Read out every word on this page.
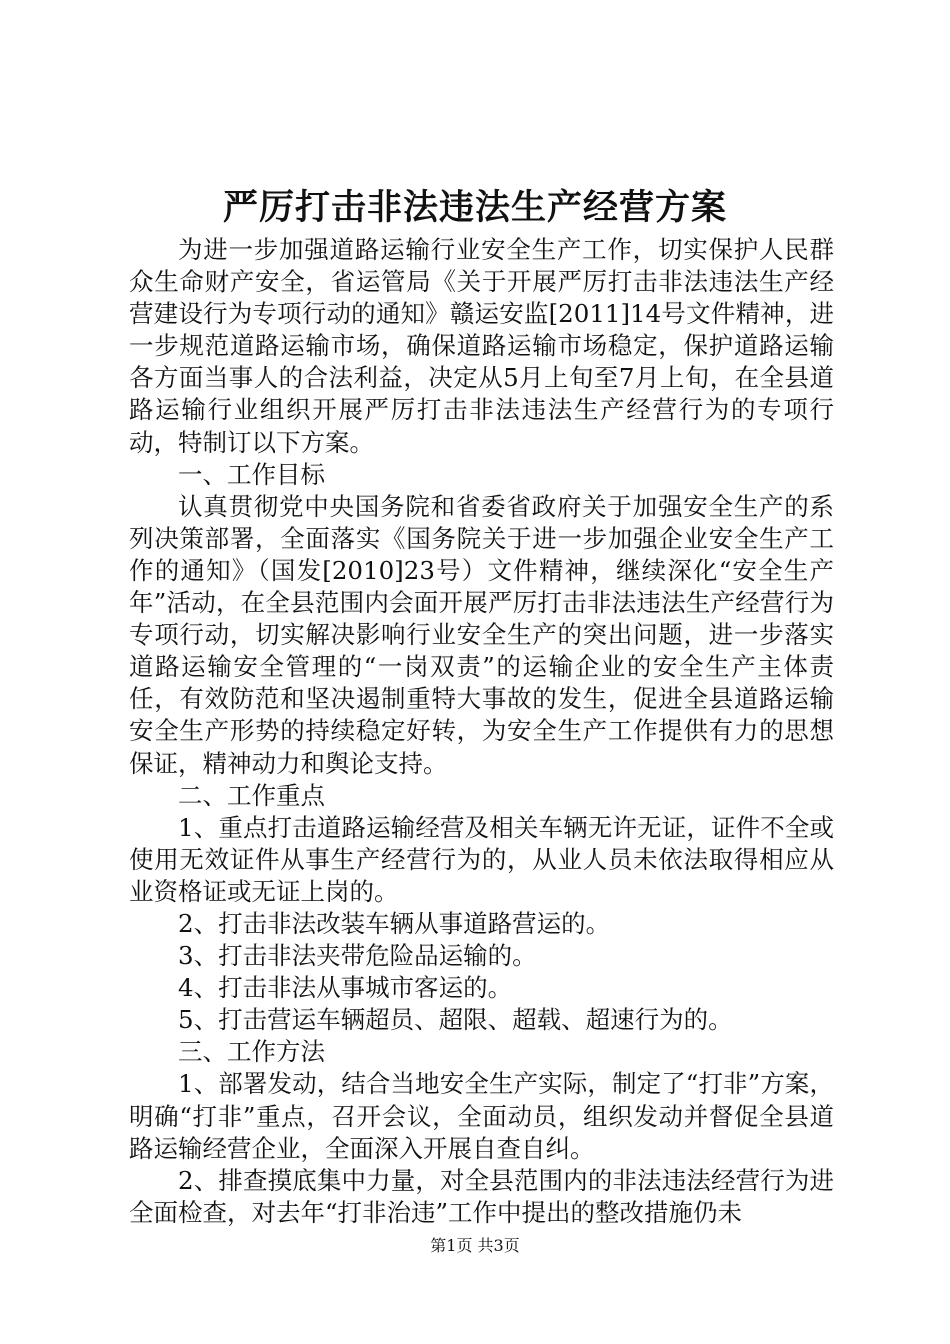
严厉打击非法违法生产经营方案

为进一步加强道路运输行业安全生产工作，切实保护人民群众生命财产安全，省运管局《关于开展严厉打击非法违法生产经营建设行为专项行动的通知》赣运安监[2011]14号文件精神，进一步规范道路运输市场，确保道路运输市场稳定，保护道路运输各方面当事人的合法利益，决定从5月上旬至7月上旬，在全县道路运输行业组织开展严厉打击非法违法生产经营行为的专项行动，特制订以下方案。

一、工作目标

认真贯彻党中央国务院和省委省政府关于加强安全生产的系列决策部署，全面落实《国务院关于进一步加强企业安全生产工作的通知》（国发[2010]23号）文件精神，继续深化“安全生产年”活动，在全县范围内会面开展严厉打击非法违法生产经营行为专项行动，切实解决影响行业安全生产的突出问题，进一步落实道路运输安全管理的“一岗双责”的运输企业的安全生产主体责任，有效防范和坚决遏制重特大事故的发生，促进全县道路运输安全生产形势的持续稳定好转，为安全生产工作提供有力的思想保证，精神动力和舆论支持。

二、工作重点

1、重点打击道路运输经营及相关车辆无许无证，证件不全或使用无效证件从事生产经营行为的，从业人员未依法取得相应从业资格证或无证上岗的。

2、打击非法改装车辆从事道路营运的。

3、打击非法夹带危险品运输的。

4、打击非法从事城市客运的。

5、打击营运车辆超员、超限、超载、超速行为的。

三、工作方法

1、部署发动，结合当地安全生产实际，制定了“打非”方案，明确“打非”重点，召开会议，全面动员，组织发动并督促全县道路运输经营企业，全面深入开展自查自纠。

2、排查摸底集中力量，对全县范围内的非法违法经营行为进全面检查，对去年“打非治违”工作中提出的整改措施仍未

第1页 共3页
